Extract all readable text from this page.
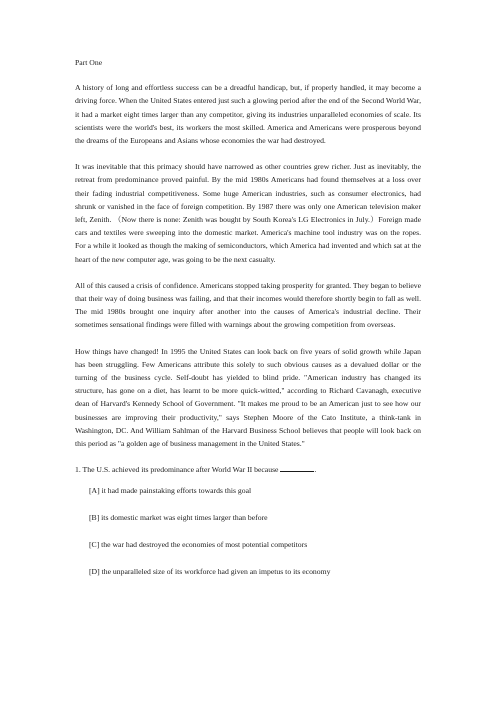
Part One

A history of long and effortless success can be a dreadful handicap, but, if properly handled, it may become a driving force. When the United States entered just such a glowing period after the end of the Second World War, it had a market eight times larger than any competitor, giving its industries unparalleled economies of scale. Its scientists were the world's best, its workers the most skilled. America and Americans were prosperous beyond the dreams of the Europeans and Asians whose economies the war had destroyed.

It was inevitable that this primacy should have narrowed as other countries grew richer. Just as inevitably, the retreat from predominance proved painful. By the mid 1980s Americans had found themselves at a loss over their fading industrial competitiveness. Some huge American industries, such as consumer electronics, had shrunk or vanished in the face of foreign competition. By 1987 there was only one American television maker left, Zenith. （Now there is none: Zenith was bought by South Korea's LG Electronics in July.）Foreign made cars and textiles were sweeping into the domestic market. America's machine tool industry was on the ropes. For a while it looked as though the making of semiconductors, which America had invented and which sat at the heart of the new computer age, was going to be the next casualty.

All of this caused a crisis of confidence. Americans stopped taking prosperity for granted. They began to believe that their way of doing business was failing, and that their incomes would therefore shortly begin to fall as well. The mid 1980s brought one inquiry after another into the causes of America's industrial decline. Their sometimes sensational findings were filled with warnings about the growing competition from overseas.

How things have changed! In 1995 the United States can look back on five years of solid growth while Japan has been struggling. Few Americans attribute this solely to such obvious causes as a devalued dollar or the turning of the business cycle. Self-doubt has yielded to blind pride. "American industry has changed its structure, has gone on a diet, has learnt to be more quick-witted," according to Richard Cavanagh, executive dean of Harvard's Kennedy School of Government. "It makes me proud to be an American just to see how our businesses are improving their productivity," says Stephen Moore of the Cato Institute, a think-tank in Washington, DC. And William Sahlman of the Harvard Business School believes that people will look back on this period as "a golden age of business management in the United States."

1. The U.S. achieved its predominance after World War II because	.
[A] it had made painstaking efforts towards this goal
[B] its domestic market was eight times larger than before
[C] the war had destroyed the economies of most potential competitors
[D] the unparalleled size of its workforce had given an impetus to its economy
